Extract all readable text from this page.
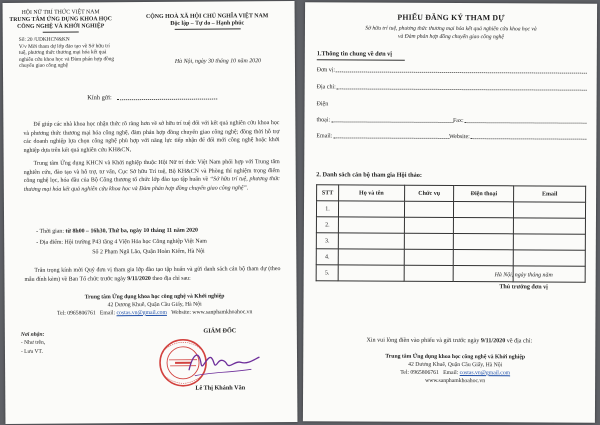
HỘI NỮ TRÍ THỨC VIỆT NAM
TRUNG TÂM ỨNG DỤNG KHOA HỌC
CÔNG NGHỆ VÀ KHỞI NGHIỆP
CỘNG HOÀ XÃ HỘI CHỦ NGHĨA VIỆT NAM
Độc lập – Tự do – Hạnh phúc
Số: 20 /UDKHCN&KN
V/v Mời tham dự lớp đào tạo về Sở hữu trí tuệ, phương thức thương mại hóa kết quả nghiên cứu khoa học và Đàm phán hợp đồng chuyển giao công nghệ
Hà Nội, ngày 30 tháng 10 năm 2020
Kính gửi:
Để giúp các nhà khoa học nhận thức rõ ràng hơn về sở hữu trí tuệ đối với kết quả nghiên cứu khoa học và phương thức thương mại hóa công nghệ, đàm phán hợp đồng chuyển giao công nghệ; đồng thời hỗ trợ các doanh nghiệp lựa chọn công nghệ phù hợp với năng lực tiếp nhận để đổi mới công nghệ hoặc khởi nghiệp dựa trên kết quả nghiên cứu KH&CN,
Trung tâm Ứng dụng KHCN và Khởi nghiệp thuộc Hội Nữ trí thức Việt Nam phối hợp với Trung tâm nghiên cứu, đào tạo và hỗ trợ, tư vấn, Cục Sở hữu Trí tuệ, Bộ KH&CN và Phòng thí nghiệm trọng điểm công nghệ lọc, hóa dầu của Bộ Công thương tổ chức lớp đào tạo tập huấn về “Sở hữu trí tuệ, phương thức thương mại hóa kết quả nghiên cứu khoa học và Đàm phán hợp đồng chuyển giao công nghệ”.
- Thời gian: từ 8h00 – 16h30, Thứ ba, ngày 10 tháng 11 năm 2020
- Địa điểm: Hội trường P43 tầng 4 Viện Hóa học Công nghiệp Việt Nam
Số 2 Phạm Ngũ Lão, Quận Hoàn Kiếm, Hà Nội
Trân trọng kính mời Quý đơn vị tham gia lớp đào tạo tập huấn và gửi danh sách cán bộ tham dự (theo mẫu đính kèm) về Ban Tổ chức trước ngày 9/11/2020 theo địa chỉ sau:
Trung tâm Ứng dụng khoa học công nghệ và Khởi nghiệp
42 Dương Khuê, Quận Cầu Giấy, Hà Nội
Tel: 0965806761 Email: costas.vn@gmail.com Website: www.sanphamkhoahoc.vn
Nơi nhận:
- Như trên,
- Lưu VT.
GIÁM ĐỐC
Lê Thị Khánh Vân
PHIẾU ĐĂNG KÝ THAM DỰ
Sở hữu trí tuệ, phương thức thương mại hóa kết quả nghiên cứu khoa học và
và Đàm phán hợp đồng chuyển giao công nghệ
1.Thông tin chung về đơn vị
Đơn vị:
Địa chỉ:
Điện
thoại:	Fax:
Email:	Website:
2. Danh sách cán bộ tham gia Hội thảo:
STT	Họ và tên	Chức vụ	Điện thoại	Email
1.				
2.				
3.				
4.				
5.					Hà Nội, ngày tháng năm
Thủ trưởng đơn vị
Xin vui lòng điền vào phiếu và gửi trước ngày 9/11/2020 về địa chỉ:
Trung tâm Ứng dụng khoa học công nghệ và Khởi nghiệp
42 Dương Khuê, Quận Cầu Giấy, Hà Nội
Tel: 0965806761 Email: costas.vn@gmail.com
www.sanphamkhoahoc.vn
